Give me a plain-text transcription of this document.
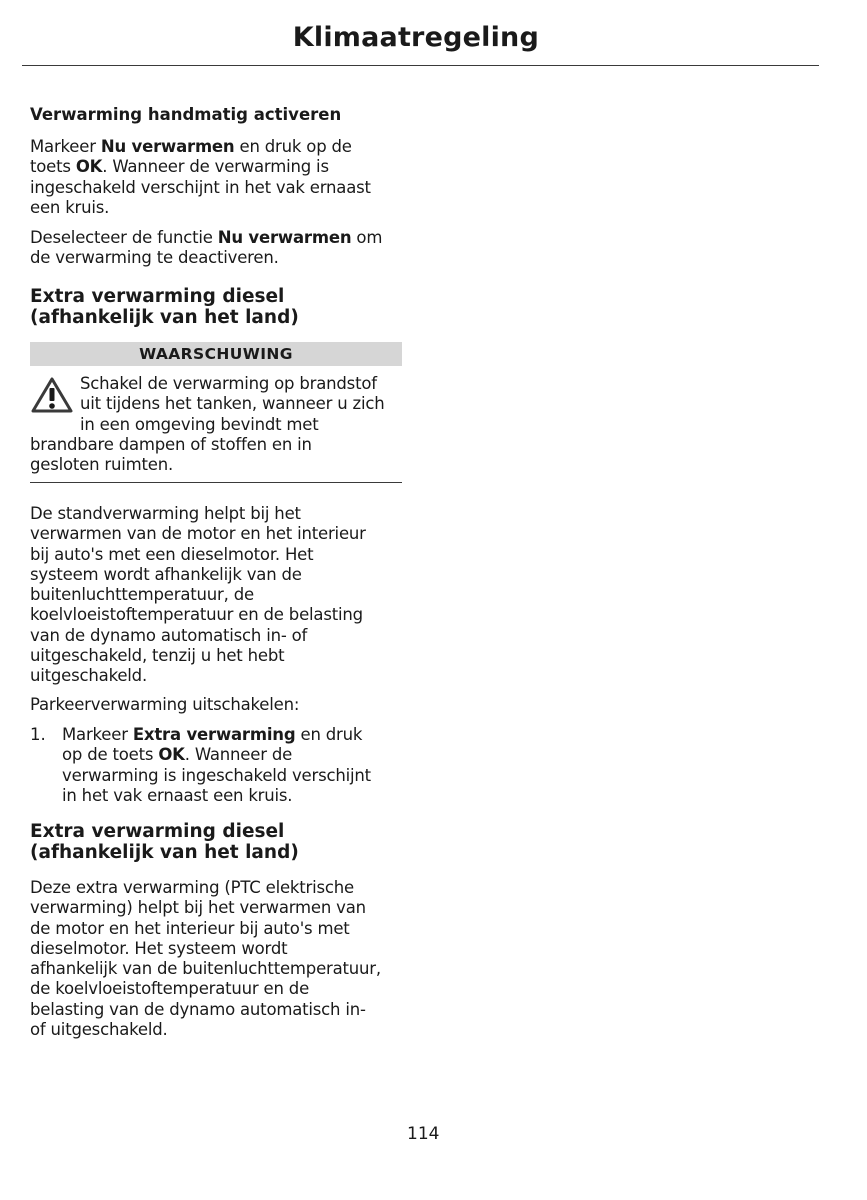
Klimaatregeling

Verwarming handmatig activeren

Markeer Nu verwarmen en druk op de

toets OK. Wanneer de verwarming is

ingeschakeld verschijnt in het vak ernaast

een kruis.

Deselecteer de functie Nu verwarmen om

de verwarming te deactiveren.

Extra verwarming diesel

(afhankelijk van het land)

WAARSCHUWING

Schakel de verwarming op brandstof

uit tijdens het tanken, wanneer u zich

in een omgeving bevindt met

brandbare dampen of stoffen en in

gesloten ruimten.

De standverwarming helpt bij het

verwarmen van de motor en het interieur

bij auto's met een dieselmotor. Het

systeem wordt afhankelijk van de

buitenluchttemperatuur, de

koelvloeistoftemperatuur en de belasting

van de dynamo automatisch in- of

uitgeschakeld, tenzij u het hebt

uitgeschakeld.

Parkeerverwarming uitschakelen:

1. Markeer Extra verwarming en druk

op de toets OK. Wanneer de

verwarming is ingeschakeld verschijnt

in het vak ernaast een kruis.

Extra verwarming diesel

(afhankelijk van het land)

Deze extra verwarming (PTC elektrische

verwarming) helpt bij het verwarmen van

de motor en het interieur bij auto's met

dieselmotor. Het systeem wordt

afhankelijk van de buitenluchttemperatuur,

de koelvloeistoftemperatuur en de

belasting van de dynamo automatisch in-

of uitgeschakeld.

114
